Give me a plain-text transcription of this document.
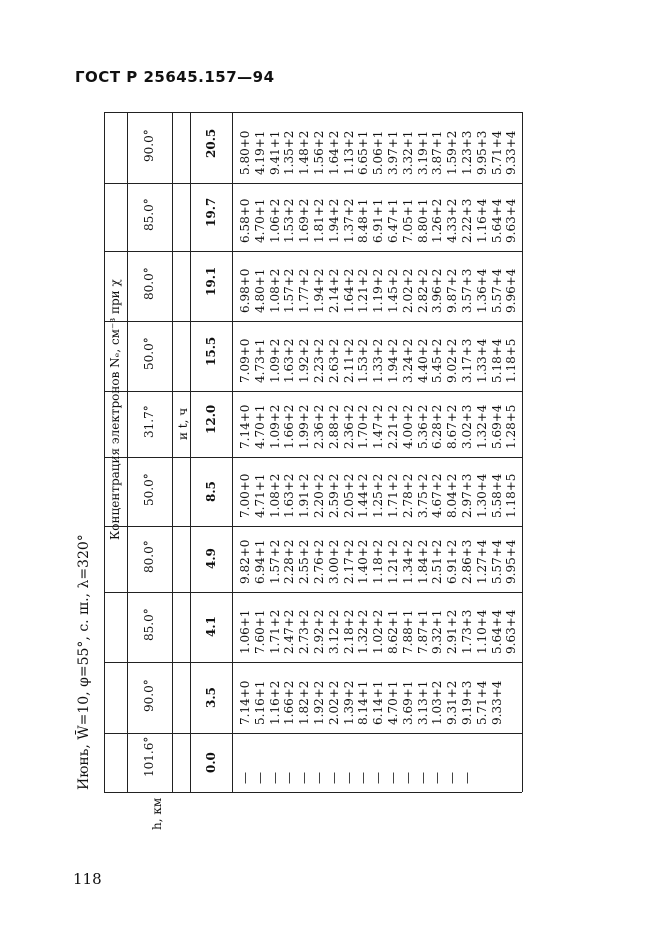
ГОСТ Р 25645.157—94
Июнь, W̄=10, φ=55°, с. ш., λ=320°
Концентрация электронов Nₑ, см⁻³ при χ	и t, ч
h, км
101.6°
90.0°
85.0°
80.0°
50.0°
31.7°
50.0°
80.0°
85.0°
90.0°
0.0
3.5
4.1
4.9
8.5
12.0
15.5
19.1
19.7
20.5
— — — — — — — — — — — — — — — —
7.14+0 5.16+1 1.16+2 1.66+2 1.82+2 1.92+2 2.02+2 1.39+2 8.14+1 6.14+1 4.70+1 3.69+1 3.13+1 1.03+2 9.31+2 9.19+3 5.71+4 9.33+4
1.06+1 7.60+1 1.71+2 2.47+2 2.73+2 2.92+2 3.12+2 2.18+2 1.32+2 1.02+2 8.62+1 7.88+1 7.87+1 9.32+1 2.91+2 1.73+3 1.10+4 5.64+4 9.63+4
9.82+0 6.94+1 1.57+2 2.28+2 2.55+2 2.76+2 3.00+2 2.17+2 1.40+2 1.18+2 1.21+2 1.34+2 1.84+2 2.51+2 6.91+2 2.86+3 1.27+4 5.57+4 9.95+4
7.00+0 4.71+1 1.08+2 1.63+2 1.91+2 2.20+2 2.59+2 2.05+2 1.44+2 1.25+2 1.71+2 2.78+2 3.75+2 4.67+2 8.04+2 2.97+3 1.30+4 5.58+4 1.18+5
7.14+0 4.70+1 1.09+2 1.66+2 1.99+2 2.36+2 2.88+2 2.36+2 1.70+2 1.47+2 2.21+2 4.00+2 5.36+2 6.28+2 8.67+2 3.02+3 1.32+4 5.69+4 1.28+5
7.09+0 4.73+1 1.09+2 1.63+2 1.92+2 2.23+2 2.63+2 2.11+2 1.53+2 1.33+2 1.94+2 3.24+2 4.40+2 5.45+2 9.02+2 3.17+3 1.33+4 5.18+4 1.18+5
6.98+0 4.80+1 1.08+2 1.57+2 1.77+2 1.94+2 2.14+2 1.64+2 1.21+2 1.19+2 1.45+2 2.02+2 2.82+2 3.96+2 9.87+2 3.57+3 1.36+4 5.57+4 9.96+4
6.58+0 4.70+1 1.06+2 1.53+2 1.69+2 1.81+2 1.94+2 1.37+2 8.48+1 6.91+1 6.47+1 7.05+1 8.80+1 1.26+2 4.33+2 2.22+3 1.16+4 5.64+4 9.63+4
5.80+0 4.19+1 9.41+1 1.35+2 1.48+2 1.56+2 1.64+2 1.13+2 6.65+1 5.06+1 3.97+1 3.32+1 3.19+1 3.87+1 1.59+2 1.23+3 9.95+3 5.71+4 9.33+4
118
